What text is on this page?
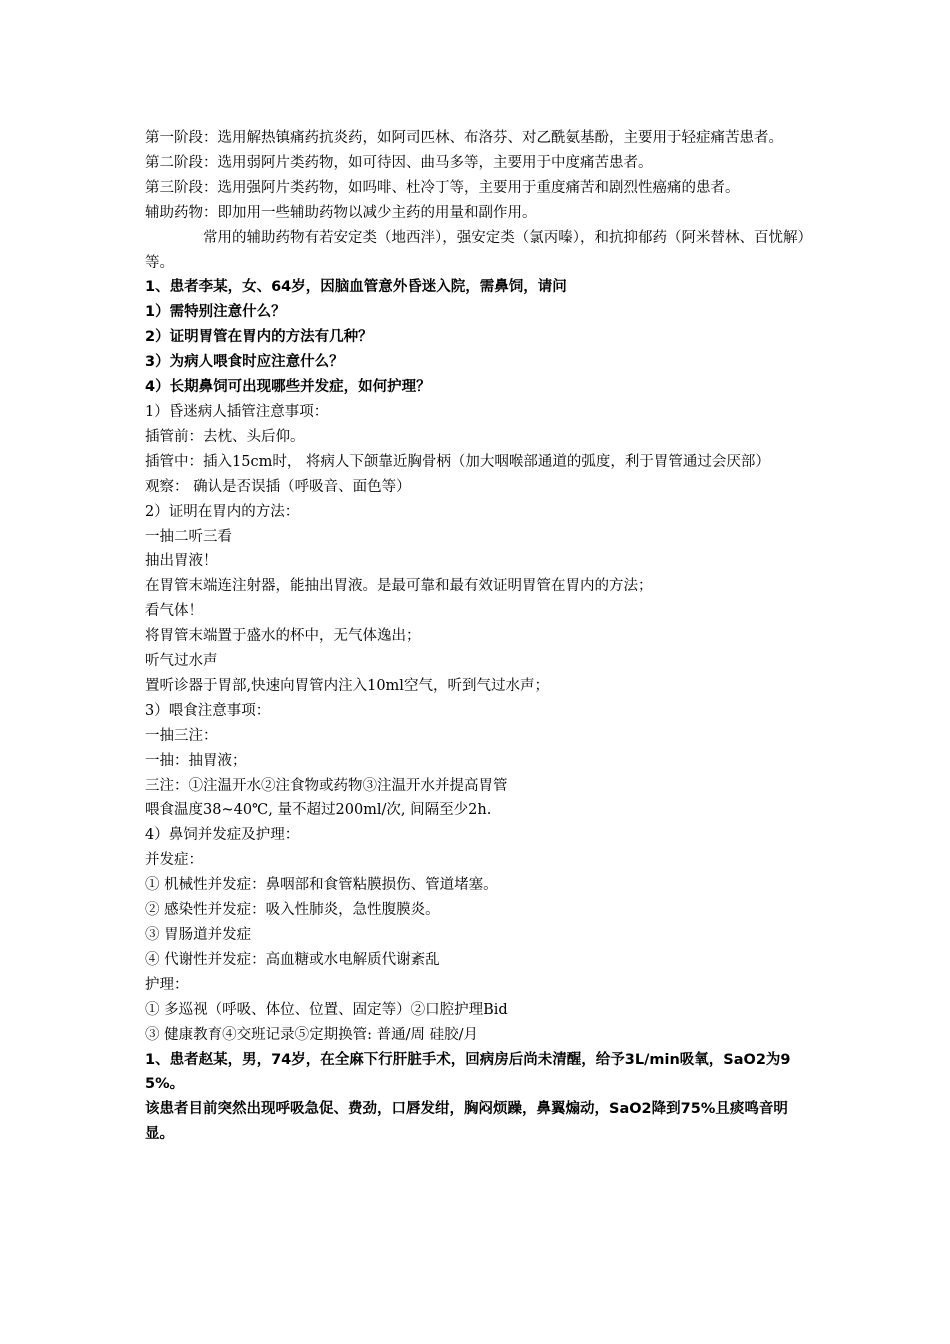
第一阶段：选用解热镇痛药抗炎药，如阿司匹林、布洛芬、对乙酰氨基酚，主要用于轻症痛苦患者。
第二阶段：选用弱阿片类药物，如可待因、曲马多等，主要用于中度痛苦患者。
第三阶段：选用强阿片类药物，如吗啡、杜冷丁等，主要用于重度痛苦和剧烈性癌痛的患者。
辅助药物：即加用一些辅助药物以减少主药的用量和副作用。
常用的辅助药物有若安定类（地西泮），强安定类（氯丙嗪），和抗抑郁药（阿米替林、百忧解）等。
1、患者李某，女、64岁，因脑血管意外昏迷入院，需鼻饲，请问
1）需特别注意什么？
2）证明胃管在胃内的方法有几种？
3）为病人喂食时应注意什么？
4）长期鼻饲可出现哪些并发症，如何护理？
1）昏迷病人插管注意事项：
插管前：去枕、头后仰。
插管中：插入15cm时， 将病人下颌靠近胸骨柄（加大咽喉部通道的弧度，利于胃管通过会厌部）
观察： 确认是否误插（呼吸音、面色等）
2）证明在胃内的方法：
一抽二听三看
抽出胃液！
在胃管末端连注射器，能抽出胃液。是最可靠和最有效证明胃管在胃内的方法；
看气体！
将胃管末端置于盛水的杯中，无气体逸出；
听气过水声
置听诊器于胃部,快速向胃管内注入10ml空气，听到气过水声；
3）喂食注意事项：
一抽三注：
一抽：抽胃液；
三注：①注温开水②注食物或药物③注温开水并提高胃管
喂食温度38~40℃, 量不超过200ml/次, 间隔至少2h.
4）鼻饲并发症及护理：
并发症：
① 机械性并发症：鼻咽部和食管粘膜损伤、管道堵塞。
② 感染性并发症：吸入性肺炎，急性腹膜炎。
③ 胃肠道并发症
④ 代谢性并发症：高血糖或水电解质代谢紊乱
护理：
① 多巡视（呼吸、体位、位置、固定等）②口腔护理Bid
③ 健康教育④交班记录⑤定期换管: 普通/周 硅胶/月
1、患者赵某，男，74岁，在全麻下行肝脏手术，回病房后尚未清醒，给予3L/min吸氧，SaO2为95%。
该患者目前突然出现呼吸急促、费劲，口唇发绀，胸闷烦躁，鼻翼煽动，SaO2降到75%且痰鸣音明显。
